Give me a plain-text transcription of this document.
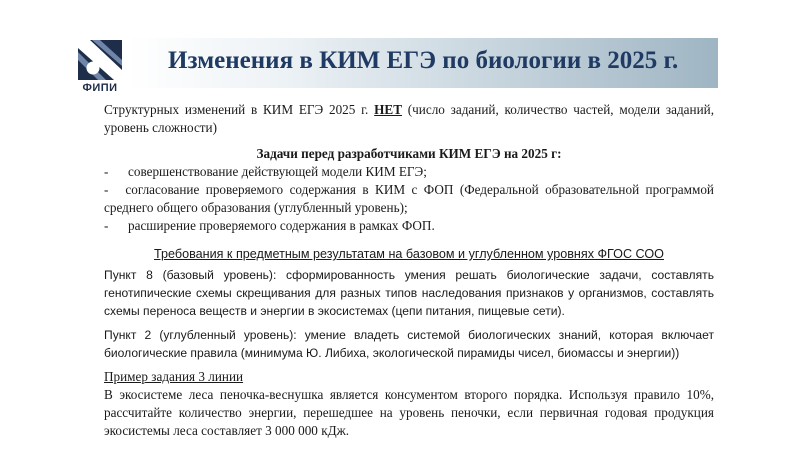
ФИПИ
Изменения в КИМ ЕГЭ по биологии в 2025 г.

Структурных изменений в КИМ ЕГЭ 2025 г. НЕТ (число заданий, количество частей, модели заданий, уровень сложности)

Задачи перед разработчиками КИМ ЕГЭ на 2025 г:

- совершенствование действующей модели КИМ ЕГЭ;

- согласование проверяемого содержания в КИМ с ФОП (Федеральной образовательной программой среднего общего образования (углубленный уровень);

- расширение проверяемого содержания в рамках ФОП.

Требования к предметным результатам на базовом и углубленном уровнях ФГОС СОО

Пункт 8 (базовый уровень): сформированность умения решать биологические задачи, составлять генотипические схемы скрещивания для разных типов наследования признаков у организмов, составлять схемы переноса веществ и энергии в экосистемах (цепи питания, пищевые сети).

Пункт 2 (углубленный уровень): умение владеть системой биологических знаний, которая включает биологические правила (минимума Ю. Либиха, экологической пирамиды чисел, биомассы и энергии))

Пример задания 3 линии

В экосистеме леса пеночка-веснушка является консументом второго порядка. Используя правило 10%, рассчитайте количество энергии, перешедшее на уровень пеночки, если первичная годовая продукция экосистемы леса составляет 3 000 000 кДж.
